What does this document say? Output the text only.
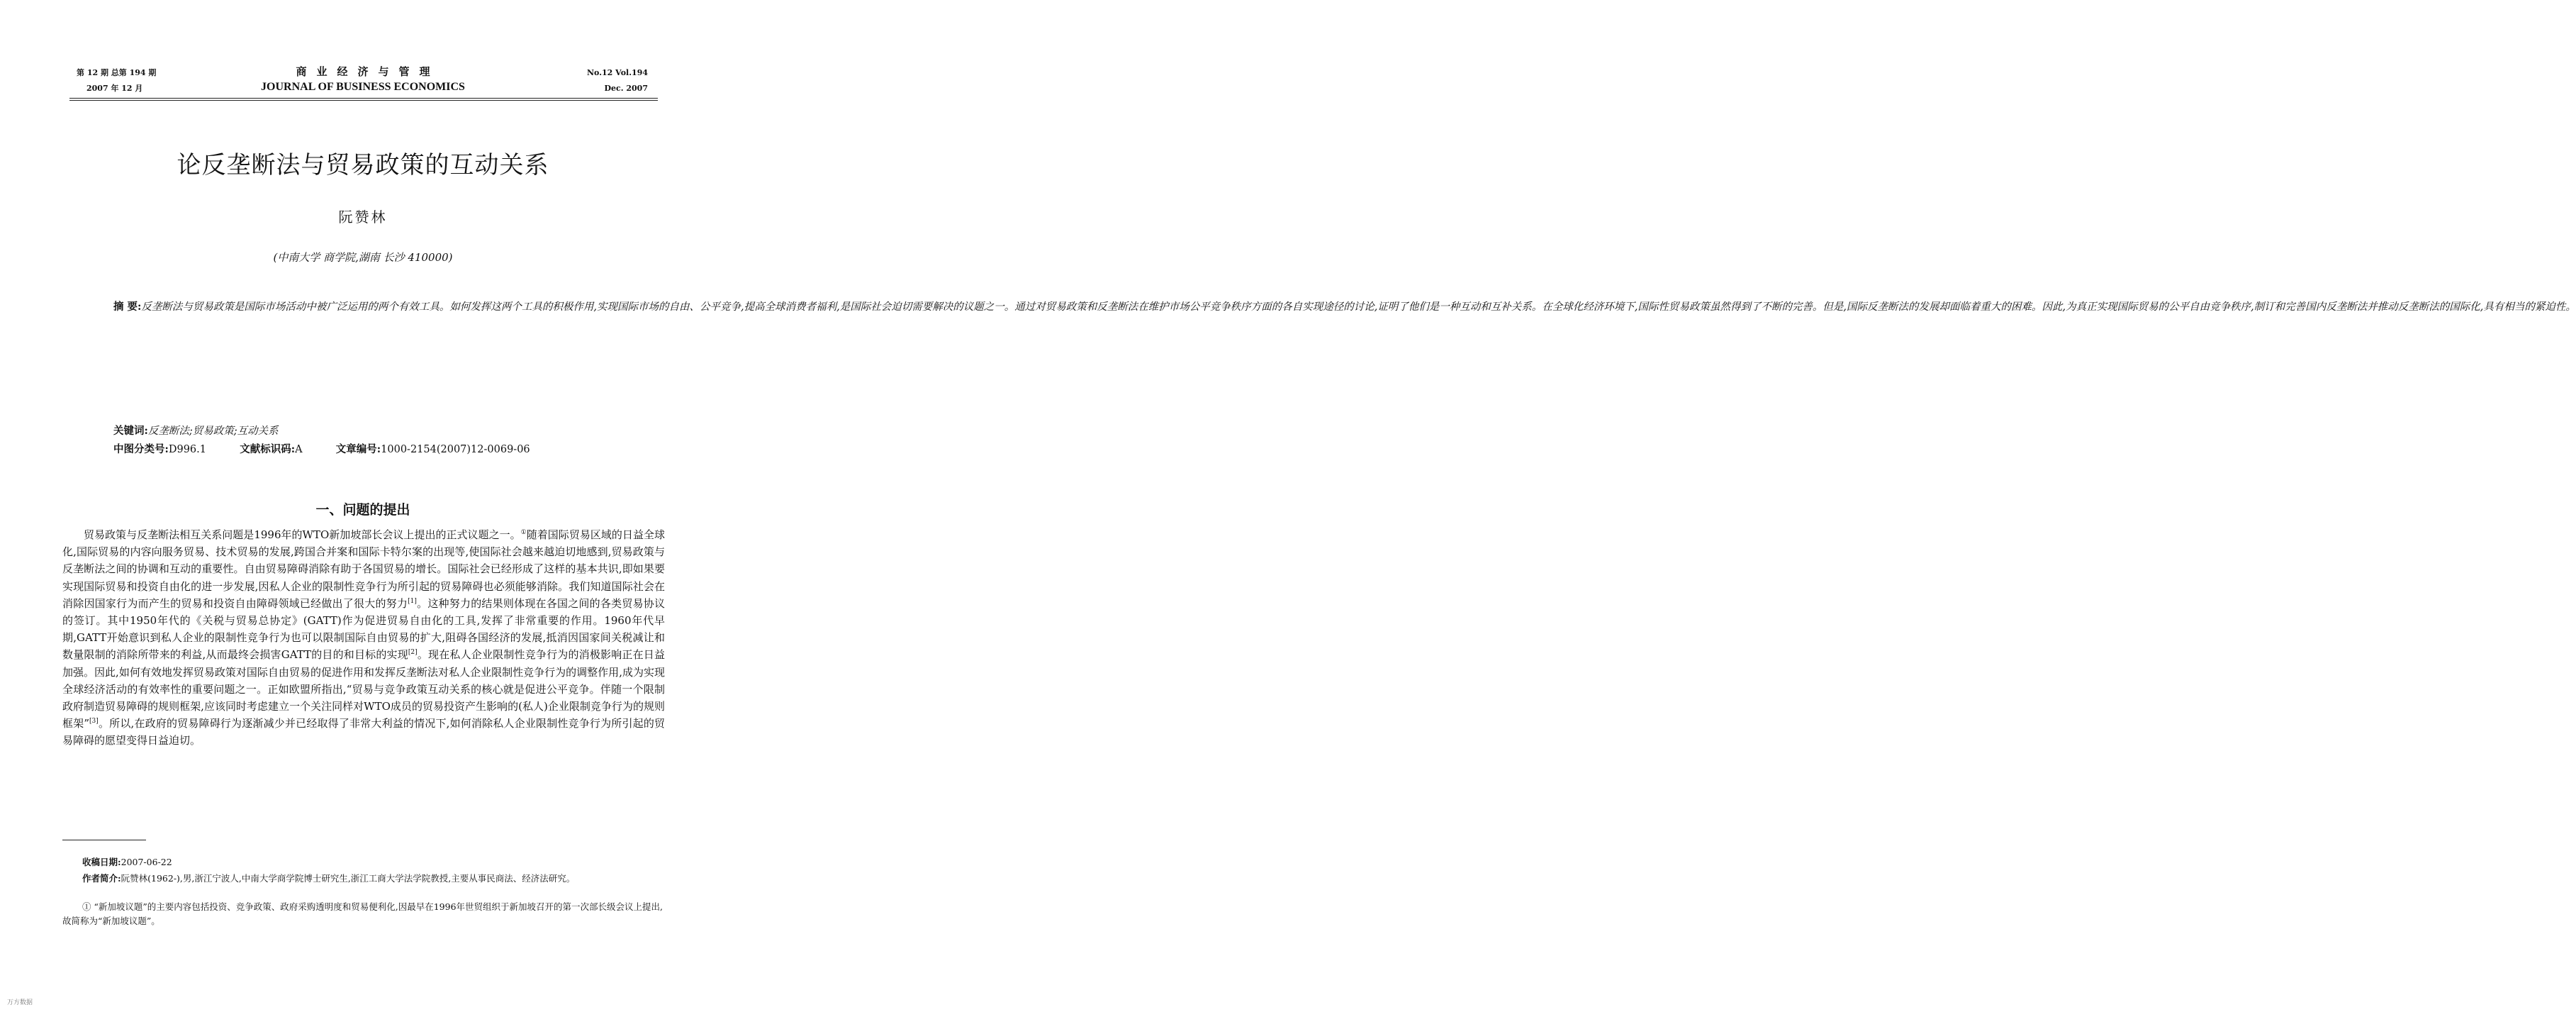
第 12 期 总第 194 期
2007 年 12 月
商业经济与管理
JOURNAL OF BUSINESS ECONOMICS
No.12 Vol.194
Dec. 2007
论反垄断法与贸易政策的互动关系
阮赞林
(中南大学 商学院,湖南 长沙 410000)

摘 要:反垄断法与贸易政策是国际市场活动中被广泛运用的两个有效工具。如何发挥这两个工具的积极作用,实现国际市场的自由、公平竞争,提高全球消费者福利,是国际社会迫切需要解决的议题之一。通过对贸易政策和反垄断法在维护市场公平竞争秩序方面的各自实现途径的讨论,证明了他们是一种互动和互补关系。在全球化经济环境下,国际性贸易政策虽然得到了不断的完善。但是,国际反垄断法的发展却面临着重大的困难。因此,为真正实现国际贸易的公平自由竞争秩序,制订和完善国内反垄断法并推动反垄断法的国际化,具有相当的紧迫性。

关键词:反垄断法;贸易政策;互动关系
中图分类号:D996.1	文献标识码:A	文章编号:1000-2154(2007)12-0069-06
一、问题的提出
贸易政策与反垄断法相互关系问题是1996年的WTO新加坡部长会议上提出的正式议题之一。①随着国际贸易区域的日益全球化,国际贸易的内容向服务贸易、技术贸易的发展,跨国合并案和国际卡特尔案的出现等,使国际社会越来越迫切地感到,贸易政策与反垄断法之间的协调和互动的重要性。自由贸易障碍消除有助于各国贸易的增长。国际社会已经形成了这样的基本共识,即如果要实现国际贸易和投资自由化的进一步发展,因私人企业的限制性竞争行为所引起的贸易障碍也必须能够消除。我们知道国际社会在消除因国家行为而产生的贸易和投资自由障碍领域已经做出了很大的努力[1]。这种努力的结果则体现在各国之间的各类贸易协议的签订。其中1950年代的《关税与贸易总协定》(GATT)作为促进贸易自由化的工具,发挥了非常重要的作用。1960年代早期,GATT开始意识到私人企业的限制性竞争行为也可以限制国际自由贸易的扩大,阻碍各国经济的发展,抵消因国家间关税减让和数量限制的消除所带来的利益,从而最终会损害GATT的目的和目标的实现[2]。现在私人企业限制性竞争行为的消极影响正在日益加强。因此,如何有效地发挥贸易政策对国际自由贸易的促进作用和发挥反垄断法对私人企业限制性竞争行为的调整作用,成为实现全球经济活动的有效率性的重要问题之一。正如欧盟所指出,“贸易与竞争政策互动关系的核心就是促进公平竞争。伴随一个限制政府制造贸易障碍的规则框架,应该同时考虑建立一个关注同样对WTO成员的贸易投资产生影响的(私人)企业限制竞争行为的规则框架”[3]。所以,在政府的贸易障碍行为逐渐减少并已经取得了非常大利益的情况下,如何消除私人企业限制性竞争行为所引起的贸易障碍的愿望变得日益迫切。
收稿日期:2007-06-22
作者简介:阮赞林(1962-),男,浙江宁波人,中南大学商学院博士研究生,浙江工商大学法学院教授,主要从事民商法、经济法研究。
① “新加坡议题”的主要内容包括投资、竞争政策、政府采购透明度和贸易便利化,因最早在1996年世贸组织于新加坡召开的第一次部长级会议上提出,故简称为“新加坡议题”。
万方数据
